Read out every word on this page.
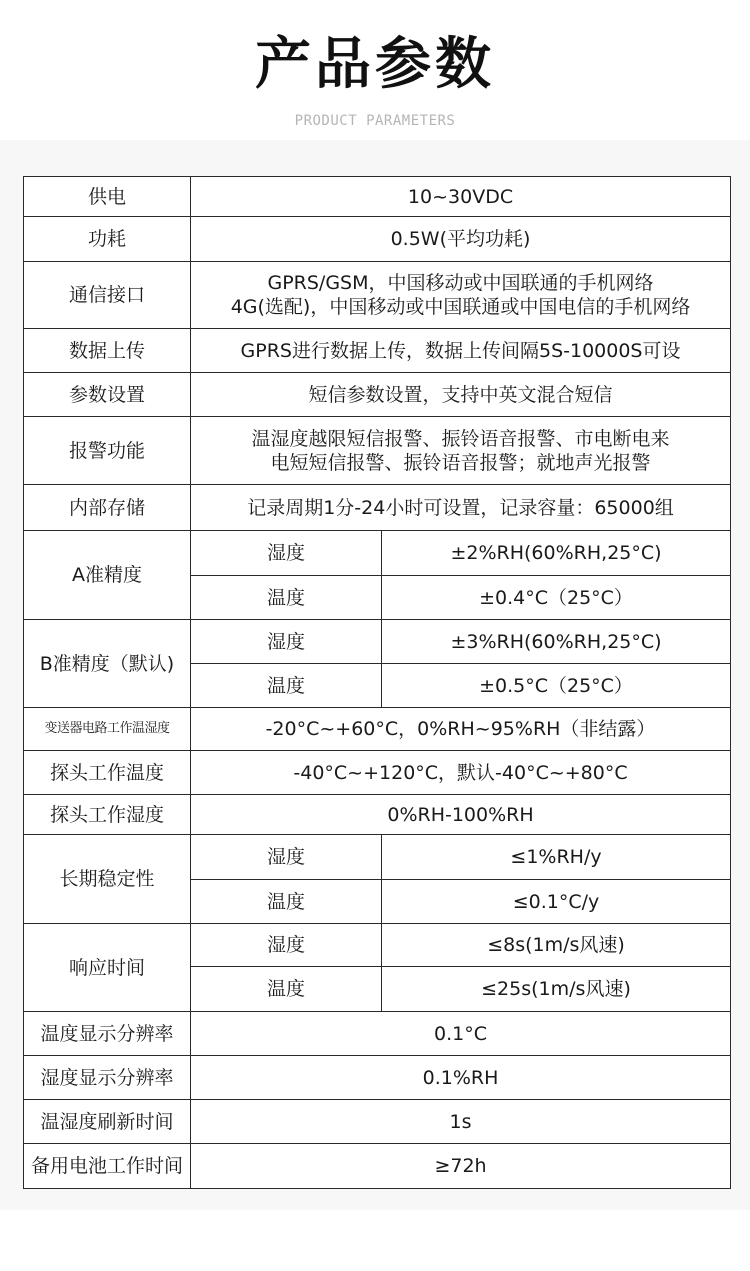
产品参数
PRODUCT PARAMETERS
供电	10~30VDC	
功耗	0.5W(平均功耗)	
通信接口	GPRS/GSM，中国移动或中国联通的手机网络
4G(选配)，中国移动或中国联通或中国电信的手机网络	

数据上传	GPRS进行数据上传，数据上传间隔5S-10000S可设	
参数设置	短信参数设置，支持中英文混合短信	
报警功能	温湿度越限短信报警、振铃语音报警、市电断电来
电短短信报警、振铃语音报警；就地声光报警	

内部存储	记录周期1分-24小时可设置，记录容量：65000组	
A准精度	湿度	±2%RH(60%RH,25°C)
	温度	±0.4°C（25°C）
B准精度（默认)	湿度	±3%RH(60%RH,25°C)
	温度	±0.5°C（25°C）
变送器电路工作温湿度	-20°C~+60°C，0%RH~95%RH（非结露）	
探头工作温度	-40°C~+120°C，默认-40°C~+80°C	
探头工作湿度	0%RH-100%RH	
长期稳定性	湿度	≤1%RH/y
	温度	≤0.1°C/y
响应时间	湿度	≤8s(1m/s风速)
	温度	≤25s(1m/s风速)
温度显示分辨率	0.1°C	
湿度显示分辨率	0.1%RH	
温湿度刷新时间	1s	
备用电池工作时间	≥72h	
